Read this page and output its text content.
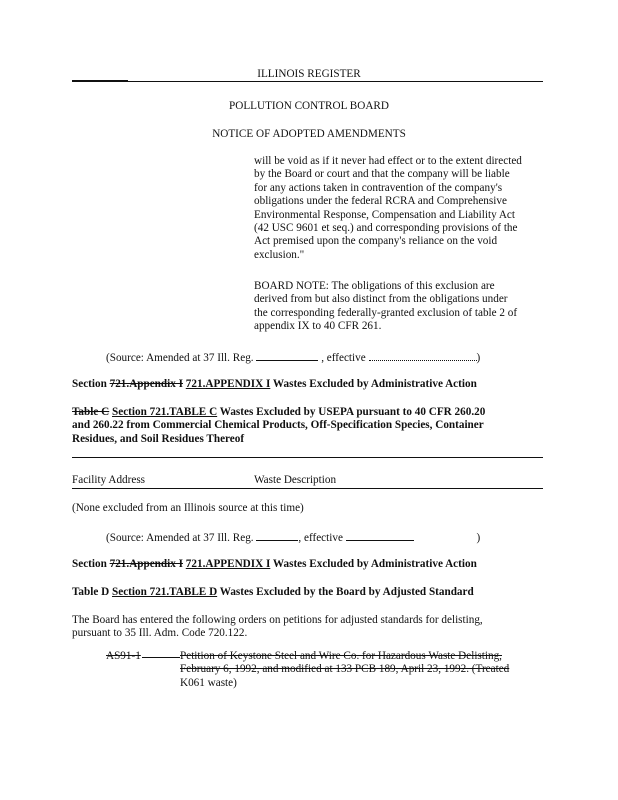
ILLINOIS REGISTER
POLLUTION CONTROL BOARD
NOTICE OF ADOPTED AMENDMENTS
will be void as if it never had effect or to the extent directed
by the Board or court and that the company will be liable
for any actions taken in contravention of the company's
obligations under the federal RCRA and Comprehensive
Environmental Response, Compensation and Liability Act
(42 USC 9601 et seq.) and corresponding provisions of the
Act premised upon the company's reliance on the void
exclusion."
BOARD NOTE: The obligations of this exclusion are
derived from but also distinct from the obligations under
the corresponding federally-granted exclusion of table 2 of
appendix IX to 40 CFR 261.
(Source: Amended at 37 Ill. Reg.	, effective	)
Section 721.Appendix I 721.APPENDIX I Wastes Excluded by Administrative Action
Table C Section 721.TABLE C Wastes Excluded by USEPA pursuant to 40 CFR 260.20
and 260.22 from Commercial Chemical Products, Off-Specification Species, Container
Residues, and Soil Residues Thereof
Facility Address	Waste Description
(None excluded from an Illinois source at this time)
(Source: Amended at 37 Ill. Reg.	, effective	)
Section 721.Appendix I 721.APPENDIX I Wastes Excluded by Administrative Action
Table D Section 721.TABLE D Wastes Excluded by the Board by Adjusted Standard
The Board has entered the following orders on petitions for adjusted standards for delisting,
pursuant to 35 Ill. Adm. Code 720.122.
AS91-1	Petition of Keystone Steel and Wire Co. for Hazardous Waste Delisting,
February 6, 1992, and modified at 133 PCB 189, April 23, 1992. (Treated
K061 waste)
